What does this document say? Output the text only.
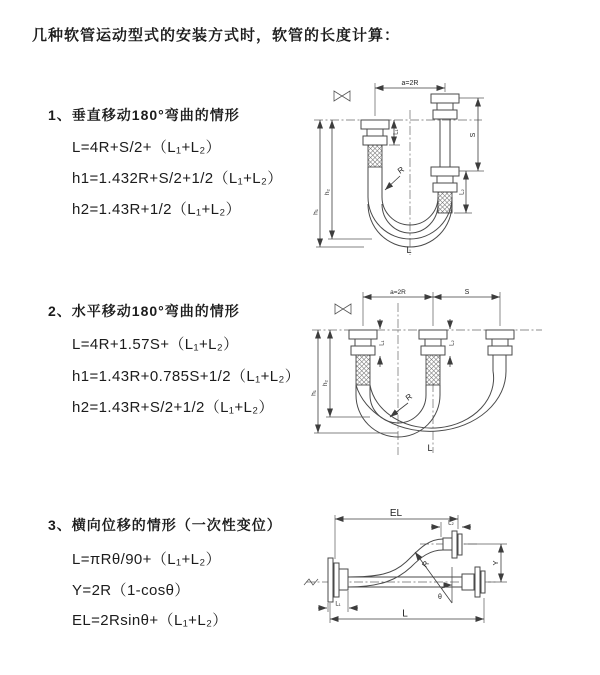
几种软管运动型式的安装方式时，软管的长度计算：
1、垂直移动180°弯曲的情形
L=4R+S/2+（L₁+L₂）
h1=1.432R+S/2+1/2（L₁+L₂）
h2=1.43R+1/2（L₁+L₂）
a=2R
S
L₂
L₁
h₁
h₂
R
L
2、水平移动180°弯曲的情形
L=4R+1.57S+（L₁+L₂）
h1=1.43R+0.785S+1/2（L₁+L₂）
h2=1.43R+S/2+1/2（L₁+L₂）
a=2R	S
L₁	L₂
h₁
h₂
R
L
3、横向位移的情形（一次性变位）
L=πRθ/90+（L₁+L₂）
Y=2R（1-cosθ）
EL=2Rsinθ+（L₁+L₂）
EL
L₂
R
θ
Y
L₁
L
